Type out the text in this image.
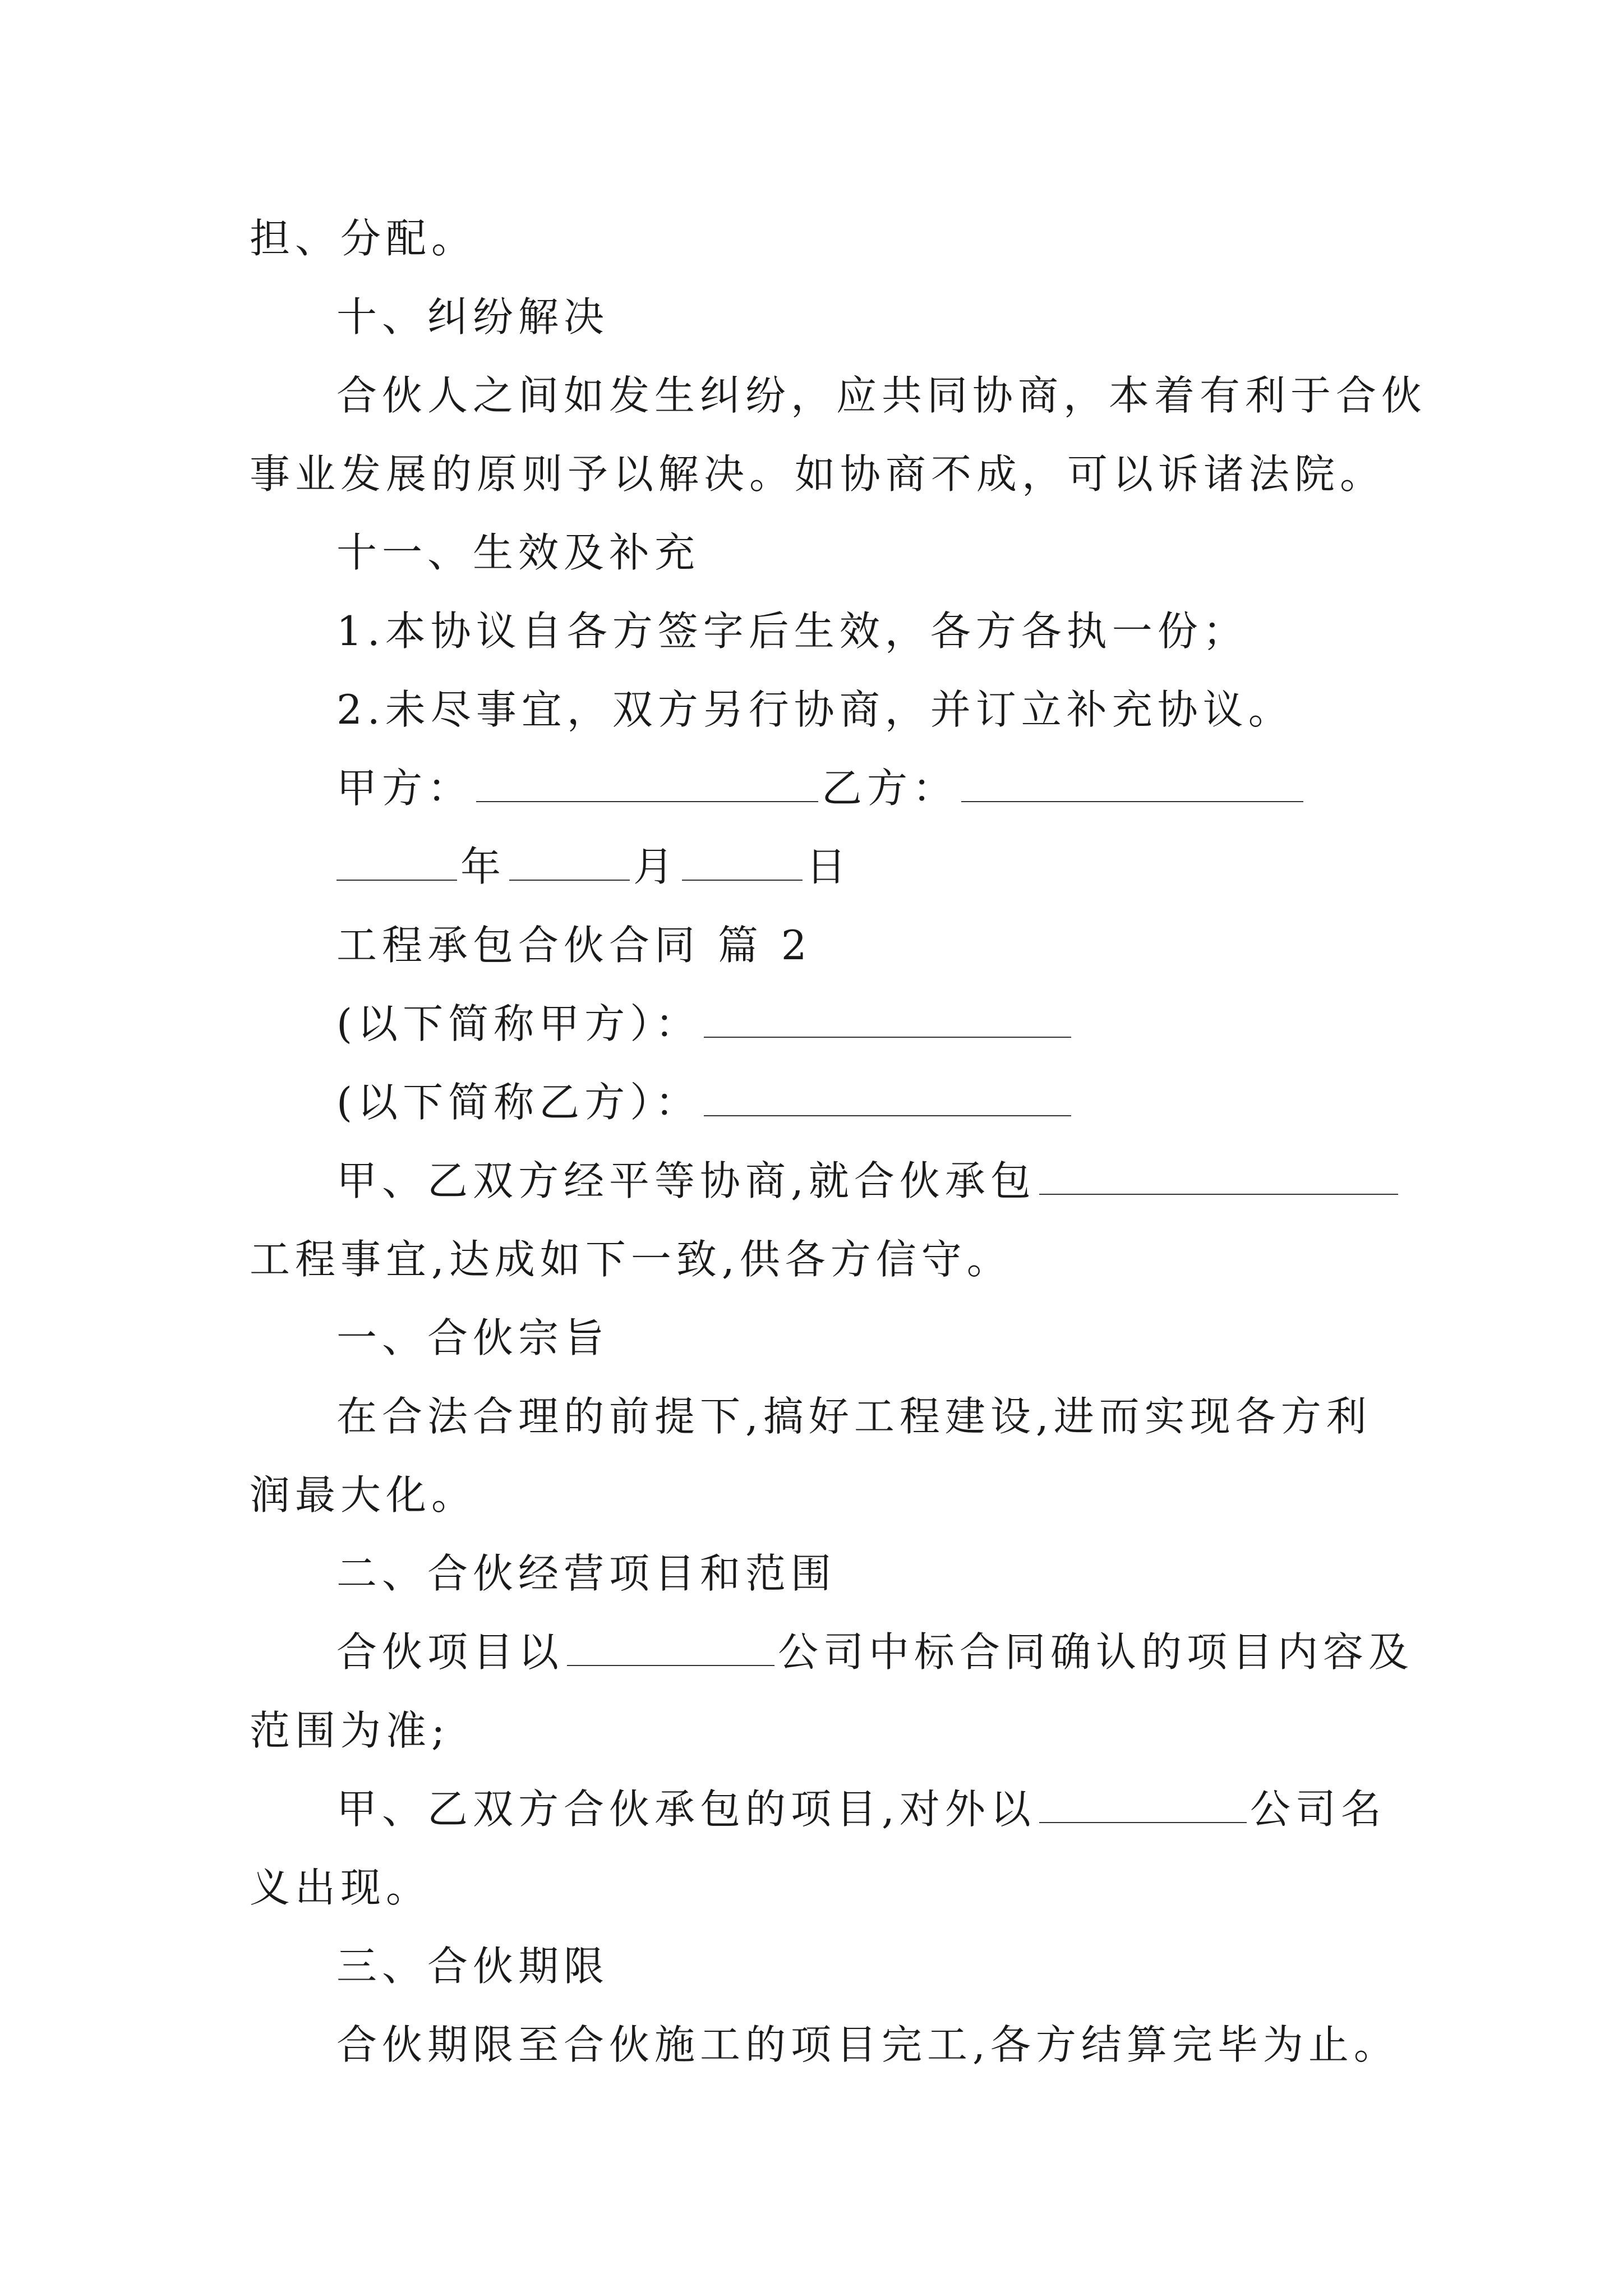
担、分配。
十、纠纷解决
合伙人之间如发生纠纷，应共同协商，本着有利于合伙
事业发展的原则予以解决。如协商不成，可以诉诸法院。
十一、生效及补充
1.本协议自各方签字后生效，各方各执一份；
2.未尽事宜，双方另行协商，并订立补充协议。
甲方：	乙方：
年	月	日
工程承包合伙合同 篇 2
(以下简称甲方）：
(以下简称乙方）：
甲、乙双方经平等协商,就合伙承包
工程事宜,达成如下一致,供各方信守。
一、合伙宗旨
在合法合理的前提下,搞好工程建设,进而实现各方利
润最大化。
二、合伙经营项目和范围
合伙项目以	公司中标合同确认的项目内容及
范围为准;
甲、乙双方合伙承包的项目,对外以	公司名
义出现。
三、合伙期限
合伙期限至合伙施工的项目完工,各方结算完毕为止。
